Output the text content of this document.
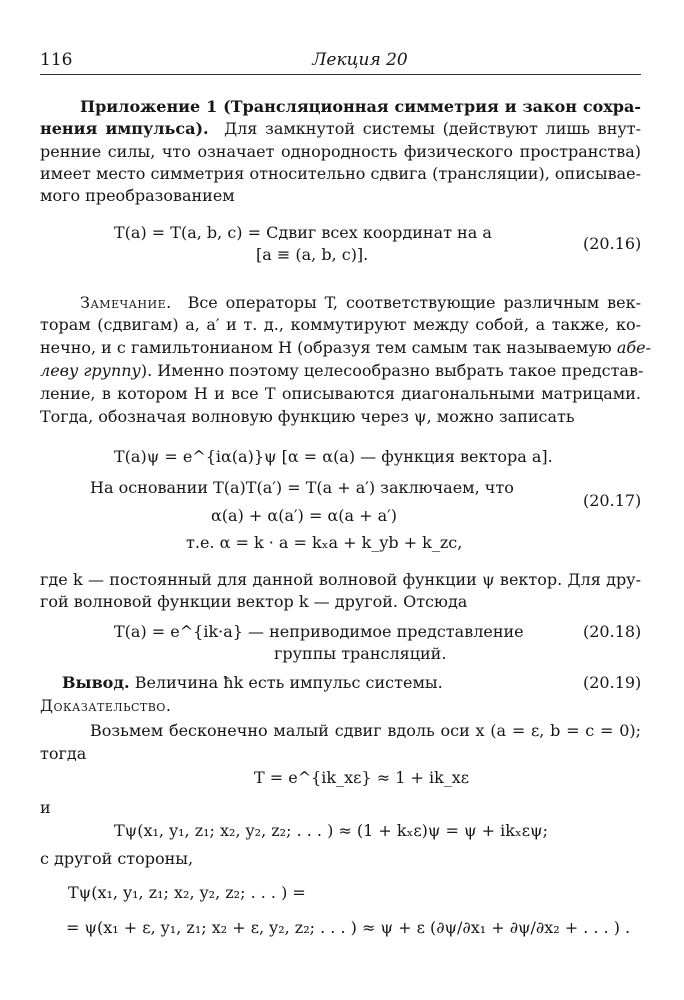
116	Лекция 20
Приложение 1 (Трансляционная симметрия и закон сохра-
нения импульса). Для замкнутой системы (действуют лишь внут-
ренние силы, что означает однородность физического пространства)
имеет место симметрия относительно сдвига (трансляции), описывае-
мого преобразованием
T(a) = T(a, b, c) = Сдвиг всех координат на a
[a ≡ (a, b, c)].
(20.16)
Замечание. Все операторы T, соответствующие различным век-
торам (сдвигам) a, a′ и т. д., коммутируют между собой, а также, ко-
нечно, и с гамильтонианом H (образуя тем самым так называемую абе-
леву группу). Именно поэтому целесообразно выбрать такое представ-
ление, в котором H и все T описываются диагональными матрицами.
Тогда, обозначая волновую функцию через ψ, можно записать
T(a)ψ = e^{iα(a)}ψ [α = α(a) — функция вектора a].
На основании T(a)T(a′) = T(a + a′) заключаем, что
α(a) + α(a′) = α(a + a′)
т.е. α = k · a = kₓa + k_yb + k_zc,
(20.17)
где k — постоянный для данной волновой функции ψ вектор. Для дру-
гой волновой функции вектор k — другой. Отсюда
T(a) = e^{ik·a} — неприводимое представление
группы трансляций.
(20.18)
Вывод. Величина ħk есть импульс системы.	(20.19)
Доказательство.
Возьмем бесконечно малый сдвиг вдоль оси x (a = ε, b = c = 0);
тогда
T = e^{ik_xε} ≈ 1 + ik_xε
и
Tψ(x₁, y₁, z₁; x₂, y₂, z₂; . . . ) ≈ (1 + kₓε)ψ = ψ + ikₓεψ;
с другой стороны,
Tψ(x₁, y₁, z₁; x₂, y₂, z₂; . . . ) =
= ψ(x₁ + ε, y₁, z₁; x₂ + ε, y₂, z₂; . . . ) ≈ ψ + ε (∂ψ/∂x₁ + ∂ψ/∂x₂ + . . . ) .
